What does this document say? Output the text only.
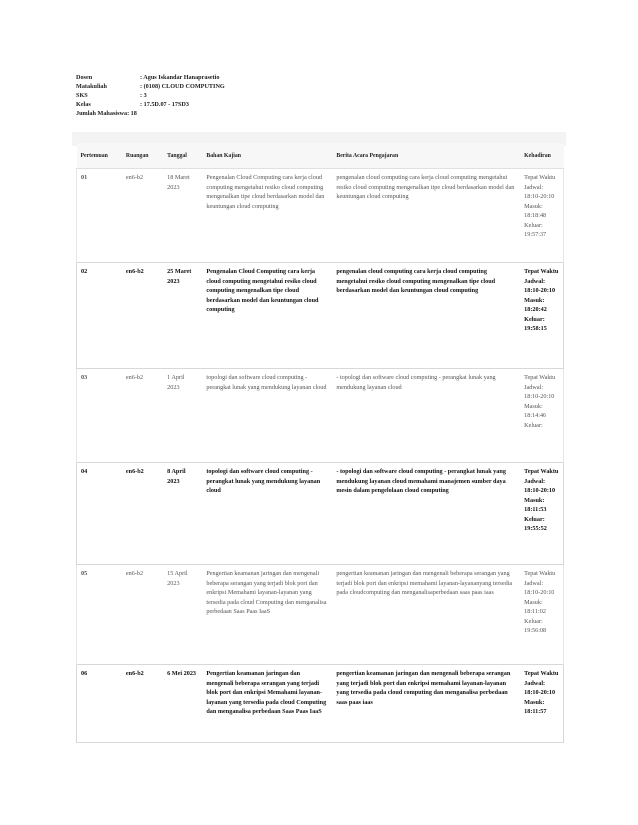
Dosen	: Agus Iskandar Hanaprasetio
Matakuliah	: (0108) CLOUD COMPUTING
SKS	: 3
Kelas	: 17.5D.07 - 17SD3
Jumlah Mahasiswa : 18
Pertemuan	Ruangan	Tanggal	Bahan Kajian	Berita Acara Pengajaran	Kehadiran
01	en6-b2	18 Maret 2023	Pengenalan Cloud Computing cara kerja cloud computing mengetahui resiko cloud computing mengenalkan tipe cloud berdasarkan model dan keuntungan cloud computing	pengenalan cloud computing cara kerja cloud computing mengetahui resiko cloud computing mengenalkan tipe cloud berdasarkan model dan keuntungan cloud computing	Tepat Waktu Jadwal: 18:10-20:10 Masuk: 18:18:48 Keluar: 19:57:37
02	en6-b2	25 Maret 2023	Pengenalan Cloud Computing cara kerja cloud computing mengetahui resiko cloud computing mengenalkan tipe cloud berdasarkan model dan keuntungan cloud computing	pengenalan cloud computing cara kerja cloud computing mengetahui resiko cloud computing mengenalkan tipe cloud berdasarkan model dan keuntungan cloud computing	Tepat Waktu Jadwal: 18:10-20:10 Masuk: 18:20:42 Keluar: 19:58:15
03	en6-b2	1 April 2023	topologi dan software cloud computing - perangkat lunak yang mendukung layanan cloud	- topologi dan software cloud computing - perangkat lunak yang mendukung layanan cloud	Tepat Waktu Jadwal: 18:10-20:10 Masuk: 18:14:46 Keluar:
04	en6-b2	8 April 2023	topologi dan software cloud computing - perangkat lunak yang mendukung layanan cloud	- topologi dan software cloud computing - perangkat lunak yang mendukung layanan cloud memahami manajemen sumber daya mesin dalam pengelolaan cloud computing	Tepat Waktu Jadwal: 18:10-20:10 Masuk: 18:11:53 Keluar: 19:55:52
05	en6-b2	15 April 2023	Pengertian keamanan jaringan dan mengenali beberapa serangan yang terjadi blok port dan enkripsi Memahami layanan-layanan yang tersedia pada cloud Computing dan menganalisa perbedaan Saas Paas IaaS	pengertian keamanan jaringan dan mengenali beberapa serangan yang terjadi blok port dan enkripsi memahami layanan-layananyang tersedia pada cloudcomputing dan menganalisaperbedaan saas paas iaas	Tepat Waktu Jadwal: 18:10-20:10 Masuk: 18:11:02 Keluar: 19:56:08
06	en6-b2	6 Mei 2023	Pengertian keamanan jaringan dan mengenali beberapa serangan yang terjadi blok port dan enkripsi Memahami layanan-layanan yang tersedia pada cloud Computing dan menganalisa perbedaan Saas Paas IaaS	pengertian keamanan jaringan dan mengenali beberapa serangan yang terjadi blok port dan enkripsi memahami layanan-layanan yang tersedia pada cloud computing dan menganalisa perbedaan saas paas iaas	Tepat Waktu Jadwal: 18:10-20:10 Masuk: 18:11:57
